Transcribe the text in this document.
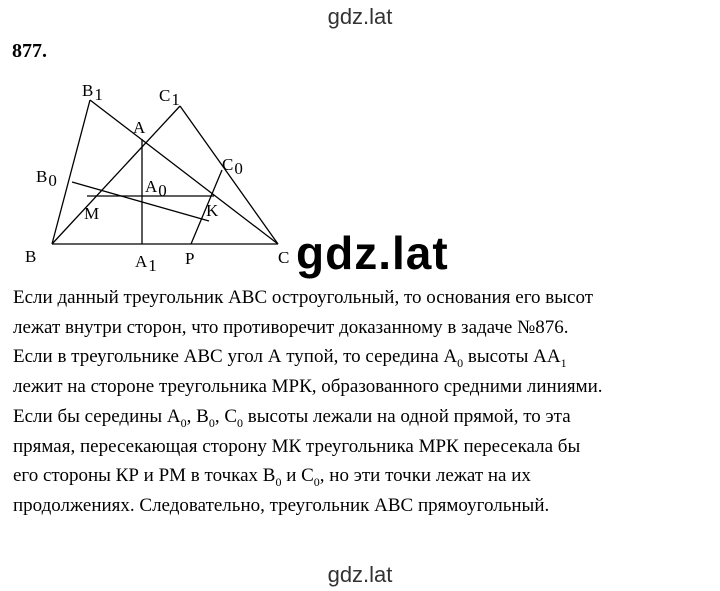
gdz.lat
877.
B1	C1
A
C0
B0	A0
M	K
B	A1 P	C gdz.lat
Если данный треугольник АВС остроугольный, то основания его высот
лежат внутри сторон, что противоречит доказанному в задаче №876.
Если в треугольнике АВС угол А тупой, то середина $А_0$ высоты $АА_1$
лежит на стороне треугольника МРК, образованного средними линиями.
Если бы середины $А_0$, $В_0$, $С_0$ высоты лежали на одной прямой, то эта
прямая, пересекающая сторону МК треугольника МРК пересекала бы
его стороны КР и РМ в точках $В_0$ и $С_0$, но эти точки лежат на их
продолжениях. Следовательно, треугольник АВС прямоугольный.
gdz.lat
